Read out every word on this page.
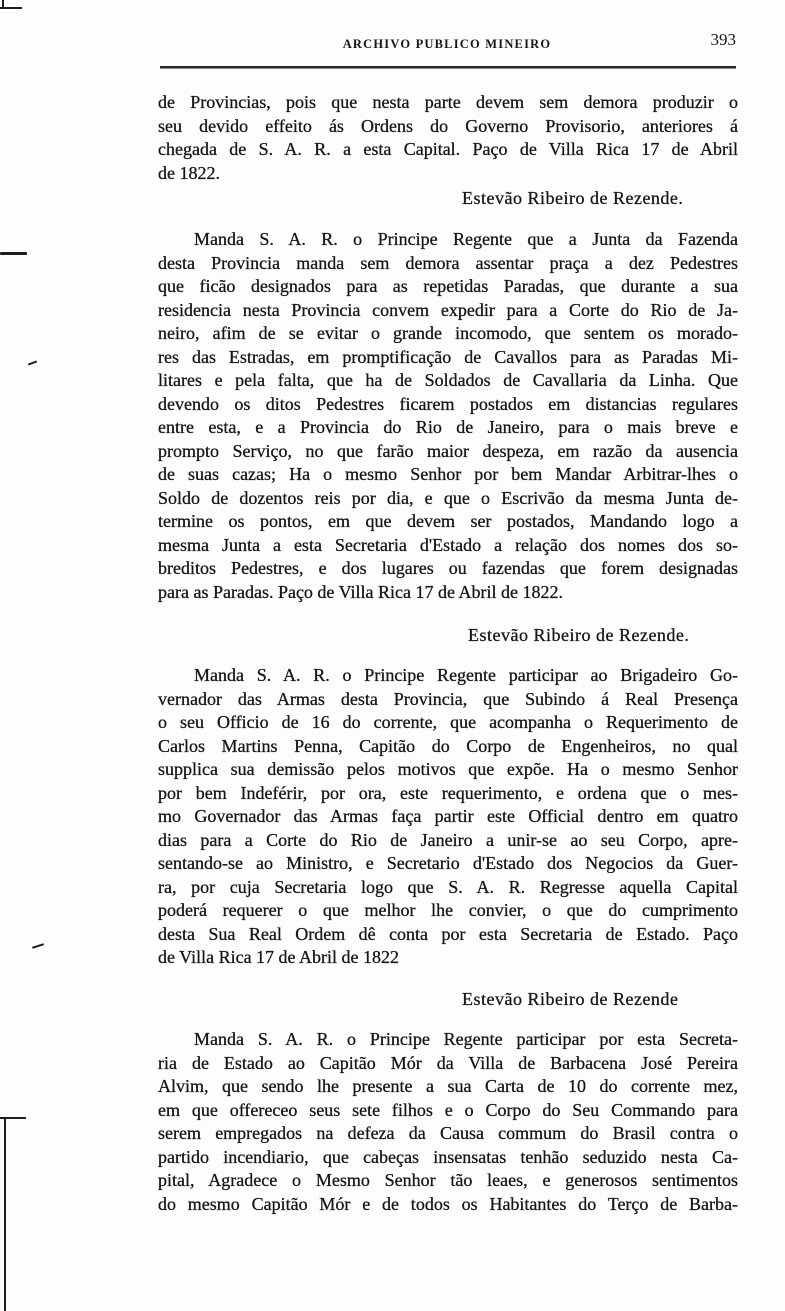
ARCHIVO PUBLICO MINEIRO	393
de Provincias, pois que nesta parte devem sem demora produzir o
seu devido effeito ás Ordens do Governo Provisorio, anteriores á
chegada de S. A. R. a esta Capital. Paço de Villa Rica 17 de Abril
de 1822.
Estevão Ribeiro de Rezende.
Manda S. A. R. o Principe Regente que a Junta da Fazenda
desta Provincia manda sem demora assentar praça a dez Pedestres
que ficão designados para as repetidas Paradas, que durante a sua
residencia nesta Provincia convem expedir para a Corte do Rio de Ja-
neiro, afim de se evitar o grande incomodo, que sentem os morado-
res das Estradas, em promptificação de Cavallos para as Paradas Mi-
litares e pela falta, que ha de Soldados de Cavallaria da Linha. Que
devendo os ditos Pedestres ficarem postados em distancias regulares
entre esta, e a Provincia do Rio de Janeiro, para o mais breve e
prompto Serviço, no que farão maior despeza, em razão da ausencia
de suas cazas; Ha o mesmo Senhor por bem Mandar Arbitrar-lhes o
Soldo de dozentos reis por dia, e que o Escrivão da mesma Junta de-
termine os pontos, em que devem ser postados, Mandando logo a
mesma Junta a esta Secretaria d'Estado a relação dos nomes dos so-
breditos Pedestres, e dos lugares ou fazendas que forem designadas
para as Paradas. Paço de Villa Rica 17 de Abril de 1822.
Estevão Ribeiro de Rezende.
Manda S. A. R. o Principe Regente participar ao Brigadeiro Go-
vernador das Armas desta Provincia, que Subindo á Real Presença
o seu Officio de 16 do corrente, que acompanha o Requerimento de
Carlos Martins Penna, Capitão do Corpo de Engenheiros, no qual
supplica sua demissão pelos motivos que expõe. Ha o mesmo Senhor
por bem Indeférir, por ora, este requerimento, e ordena que o mes-
mo Governador das Armas faça partir este Official dentro em quatro
dias para a Corte do Rio de Janeiro a unir-se ao seu Corpo, apre-
sentando-se ao Ministro, e Secretario d'Estado dos Negocios da Guer-
ra, por cuja Secretaria logo que S. A. R. Regresse aquella Capital
poderá requerer o que melhor lhe convier, o que do cumprimento
desta Sua Real Ordem dê conta por esta Secretaria de Estado. Paço
de Villa Rica 17 de Abril de 1822
Estevão Ribeiro de Rezende
Manda S. A. R. o Principe Regente participar por esta Secreta-
ria de Estado ao Capitão Mór da Villa de Barbacena José Pereira
Alvim, que sendo lhe presente a sua Carta de 10 do corrente mez,
em que offereceo seus sete filhos e o Corpo do Seu Commando para
serem empregados na defeza da Causa commum do Brasil contra o
partido incendiario, que cabeças insensatas tenhão seduzido nesta Ca-
pital, Agradece o Mesmo Senhor tão leaes, e generosos sentimentos
do mesmo Capitão Mór e de todos os Habitantes do Terço de Barba-
